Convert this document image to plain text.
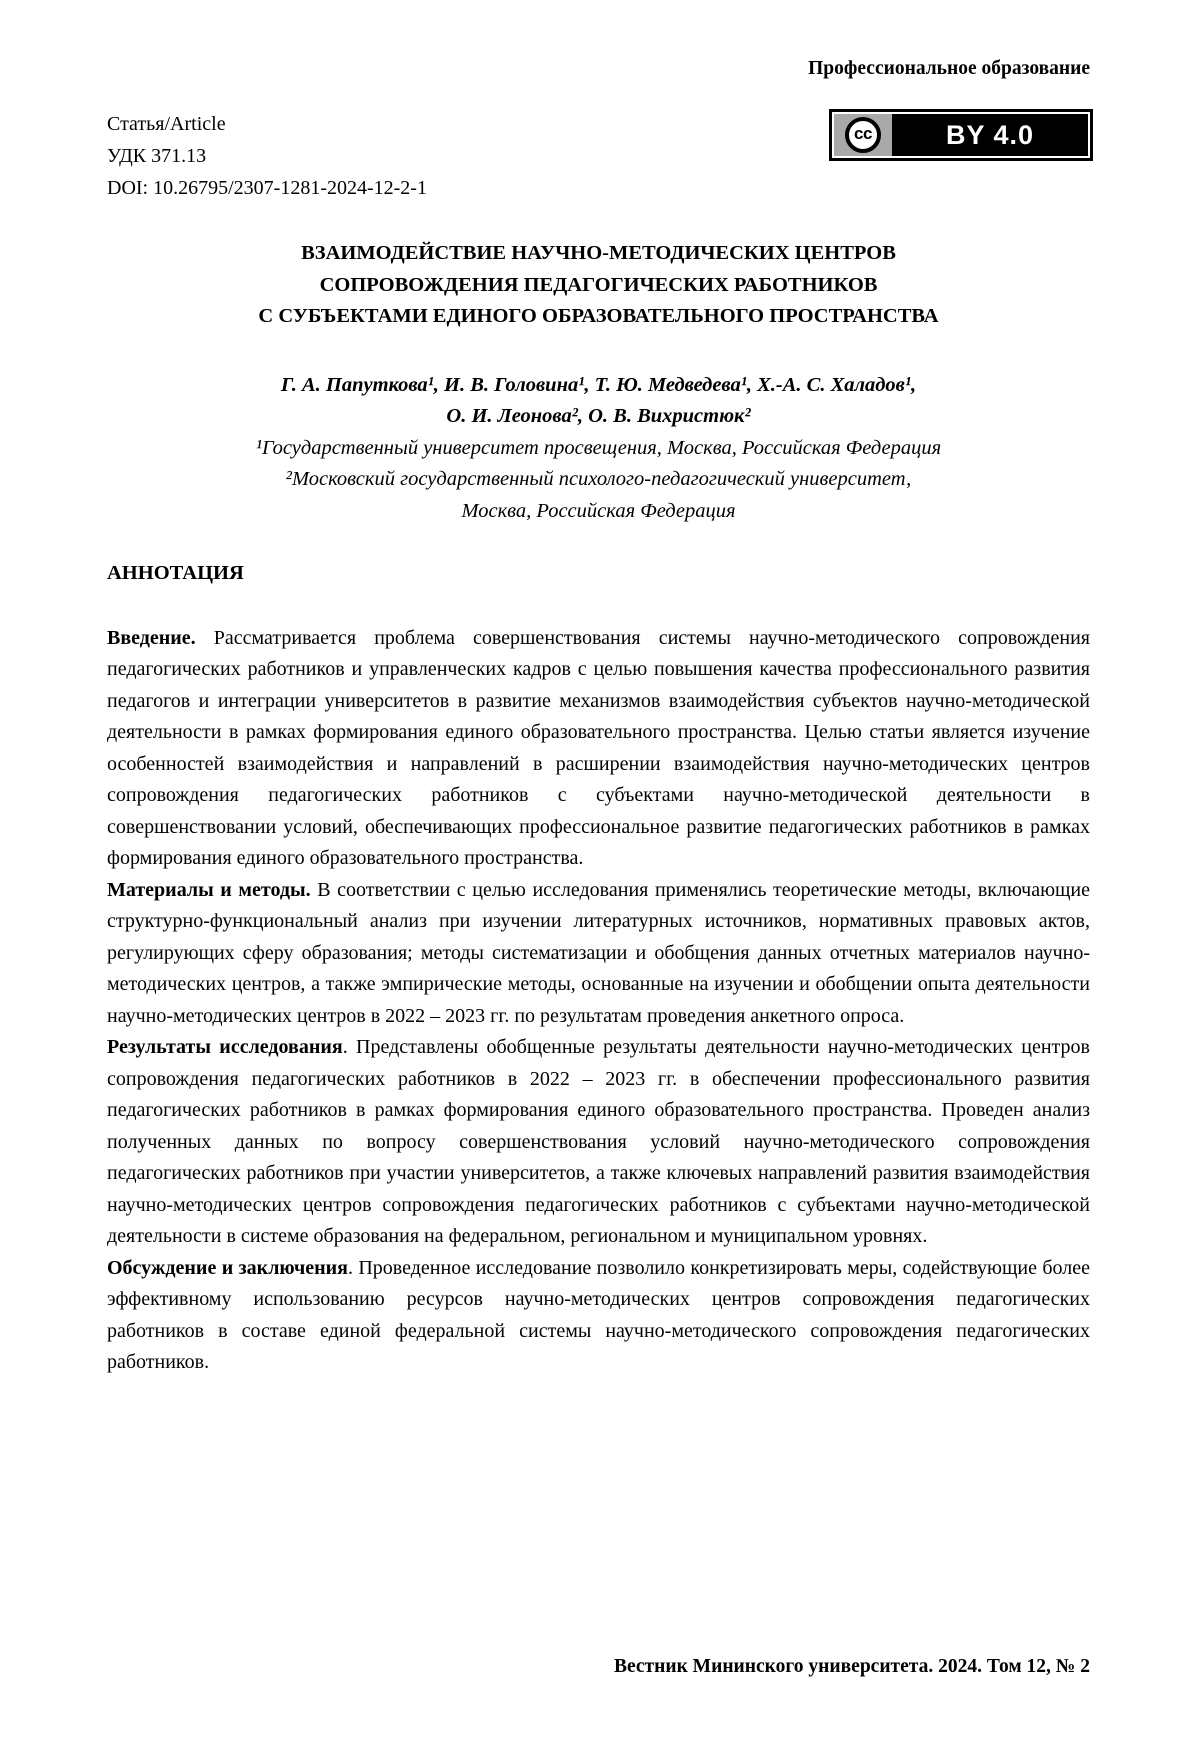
Профессиональное образование
Статья/Article
УДК 371.13
DOI: 10.26795/2307-1281-2024-12-2-1
cc	BY 4.0
ВЗАИМОДЕЙСТВИЕ НАУЧНО-МЕТОДИЧЕСКИХ ЦЕНТРОВ
СОПРОВОЖДЕНИЯ ПЕДАГОГИЧЕСКИХ РАБОТНИКОВ
С СУБЪЕКТАМИ ЕДИНОГО ОБРАЗОВАТЕЛЬНОГО ПРОСТРАНСТВА
Г. А. Папуткова¹, И. В. Головина¹, Т. Ю. Медведева¹, Х.-А. С. Халадов¹,
О. И. Леонова², О. В. Вихристюк²
¹Государственный университет просвещения, Москва, Российская Федерация
²Московский государственный психолого-педагогический университет,
Москва, Российская Федерация
АННОТАЦИЯ

Введение. Рассматривается проблема совершенствования системы научно-методического сопровождения педагогических работников и управленческих кадров с целью повышения качества профессионального развития педагогов и интеграции университетов в развитие механизмов взаимодействия субъектов научно-методической деятельности в рамках формирования единого образовательного пространства. Целью статьи является изучение особенностей взаимодействия и направлений в расширении взаимодействия научно-методических центров сопровождения педагогических работников с субъектами научно-методической деятельности в совершенствовании условий, обеспечивающих профессиональное развитие педагогических работников в рамках формирования единого образовательного пространства.

Материалы и методы. В соответствии с целью исследования применялись теоретические методы, включающие структурно-функциональный анализ при изучении литературных источников, нормативных правовых актов, регулирующих сферу образования; методы систематизации и обобщения данных отчетных материалов научно-методических центров, а также эмпирические методы, основанные на изучении и обобщении опыта деятельности научно-методических центров в 2022 – 2023 гг. по результатам проведения анкетного опроса.

Результаты исследования. Представлены обобщенные результаты деятельности научно-методических центров сопровождения педагогических работников в 2022 – 2023 гг. в обеспечении профессионального развития педагогических работников в рамках формирования единого образовательного пространства. Проведен анализ полученных данных по вопросу совершенствования условий научно-методического сопровождения педагогических работников при участии университетов, а также ключевых направлений развития взаимодействия научно-методических центров сопровождения педагогических работников с субъектами научно-методической деятельности в системе образования на федеральном, региональном и муниципальном уровнях.

Обсуждение и заключения. Проведенное исследование позволило конкретизировать меры, содействующие более эффективному использованию ресурсов научно-методических центров сопровождения педагогических работников в составе единой федеральной системы научно-методического сопровождения педагогических работников.

Вестник Мининского университета. 2024. Том 12, № 2
